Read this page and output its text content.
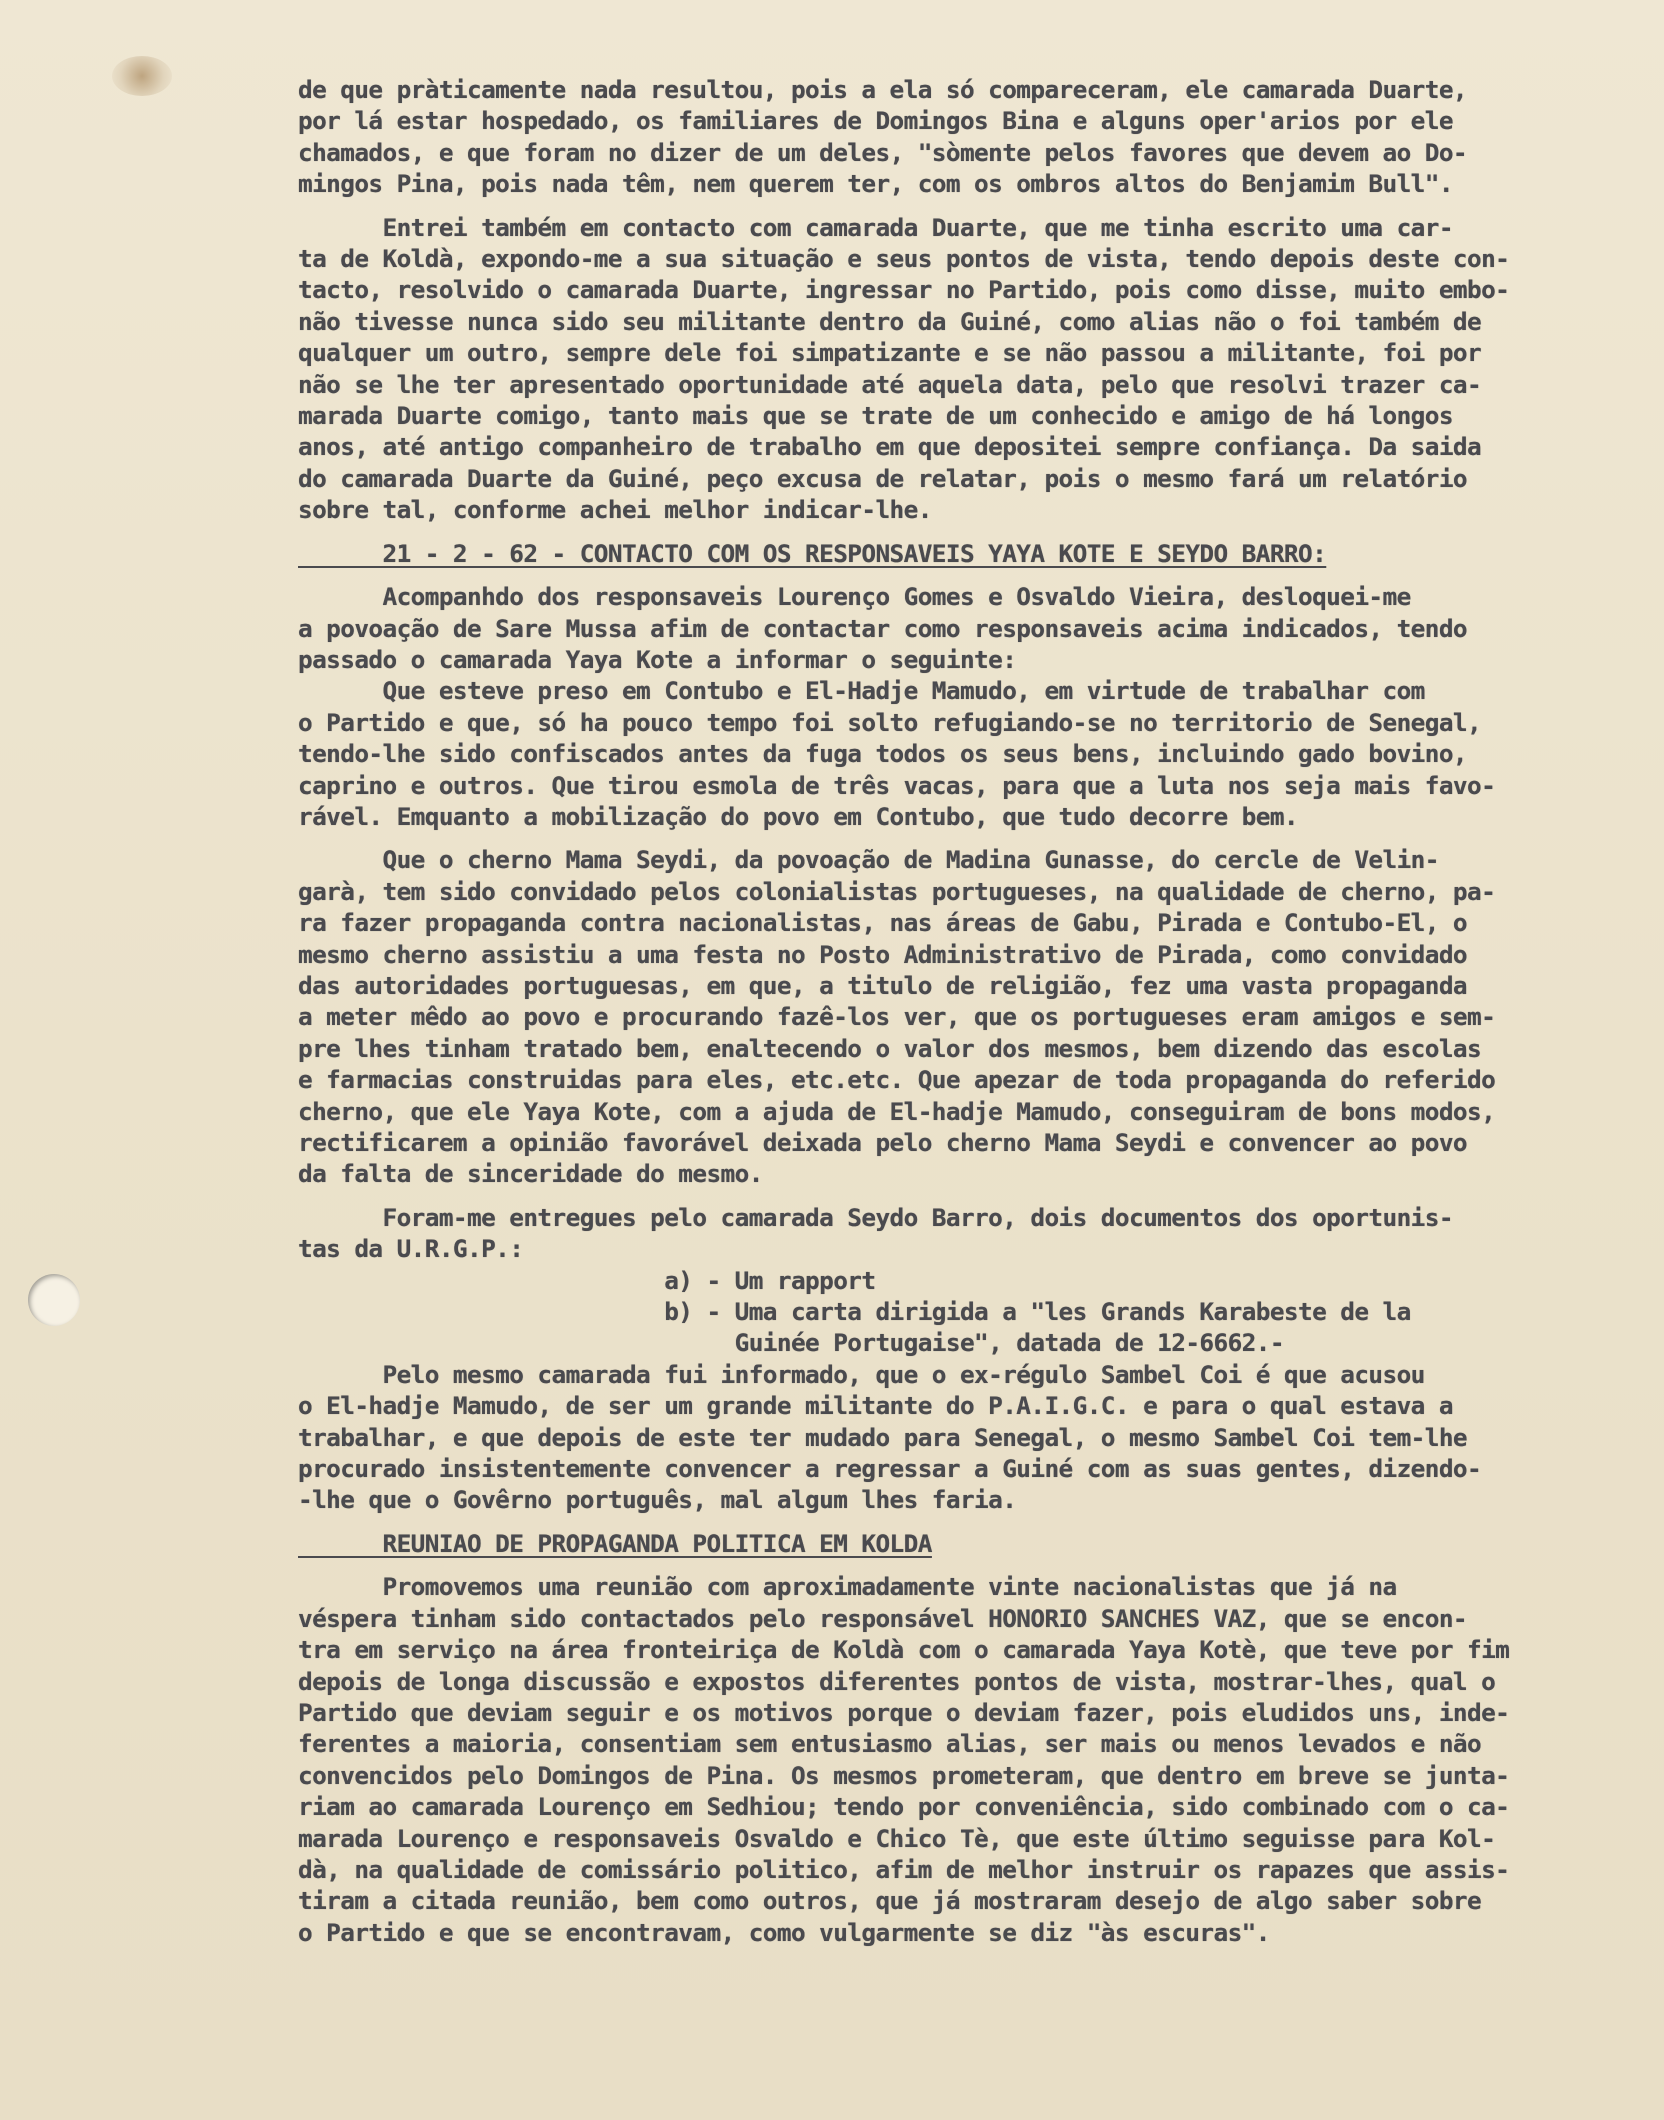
de que pràticamente nada resultou, pois a ela só compareceram, ele camarada Duarte,
por lá estar hospedado, os familiares de Domingos Bina e alguns oper'arios por ele
chamados, e que foram no dizer de um deles, "sòmente pelos favores que devem ao Do-
mingos Pina, pois nada têm, nem querem ter, com os ombros altos do Benjamim Bull".
Entrei também em contacto com camarada Duarte, que me tinha escrito uma car-
ta de Koldà, expondo-me a sua situação e seus pontos de vista, tendo depois deste con-
tacto, resolvido o camarada Duarte, ingressar no Partido, pois como disse, muito embo-
não tivesse nunca sido seu militante dentro da Guiné, como alias não o foi também de
qualquer um outro, sempre dele foi simpatizante e se não passou a militante, foi por
não se lhe ter apresentado oportunidade até aquela data, pelo que resolvi trazer ca-
marada Duarte comigo, tanto mais que se trate de um conhecido e amigo de há longos
anos, até antigo companheiro de trabalho em que depositei sempre confiança. Da saida
do camarada Duarte da Guiné, peço excusa de relatar, pois o mesmo fará um relatório
sobre tal, conforme achei melhor indicar-lhe.
21 - 2 - 62 - CONTACTO COM OS RESPONSAVEIS YAYA KOTE E SEYDO BARRO:
Acompanhdo dos responsaveis Lourenço Gomes e Osvaldo Vieira, desloquei-me
a povoação de Sare Mussa afim de contactar como responsaveis acima indicados, tendo
passado o camarada Yaya Kote a informar o seguinte:
Que esteve preso em Contubo e El-Hadje Mamudo, em virtude de trabalhar com
o Partido e que, só ha pouco tempo foi solto refugiando-se no territorio de Senegal,
tendo-lhe sido confiscados antes da fuga todos os seus bens, incluindo gado bovino,
caprino e outros. Que tirou esmola de três vacas, para que a luta nos seja mais favo-
rável. Emquanto a mobilização do povo em Contubo, que tudo decorre bem.
Que o cherno Mama Seydi, da povoação de Madina Gunasse, do cercle de Velin-
garà, tem sido convidado pelos colonialistas portugueses, na qualidade de cherno, pa-
ra fazer propaganda contra nacionalistas, nas áreas de Gabu, Pirada e Contubo-El, o
mesmo cherno assistiu a uma festa no Posto Administrativo de Pirada, como convidado
das autoridades portuguesas, em que, a titulo de religião, fez uma vasta propaganda
a meter mêdo ao povo e procurando fazê-los ver, que os portugueses eram amigos e sem-
pre lhes tinham tratado bem, enaltecendo o valor dos mesmos, bem dizendo das escolas
e farmacias construidas para eles, etc.etc. Que apezar de toda propaganda do referido
cherno, que ele Yaya Kote, com a ajuda de El-hadje Mamudo, conseguiram de bons modos,
rectificarem a opinião favorável deixada pelo cherno Mama Seydi e convencer ao povo
da falta de sinceridade do mesmo.
Foram-me entregues pelo camarada Seydo Barro, dois documentos dos oportunis-
tas da U.R.G.P.:
a) - Um rapport
b) - Uma carta dirigida a "les Grands Karabeste de la
Guinée Portugaise", datada de 12-6662.-
Pelo mesmo camarada fui informado, que o ex-régulo Sambel Coi é que acusou
o El-hadje Mamudo, de ser um grande militante do P.A.I.G.C. e para o qual estava a
trabalhar, e que depois de este ter mudado para Senegal, o mesmo Sambel Coi tem-lhe
procurado insistentemente convencer a regressar a Guiné com as suas gentes, dizendo-
-lhe que o Govêrno português, mal algum lhes faria.
REUNIAO DE PROPAGANDA POLITICA EM KOLDA
Promovemos uma reunião com aproximadamente vinte nacionalistas que já na
véspera tinham sido contactados pelo responsável HONORIO SANCHES VAZ, que se encon-
tra em serviço na área fronteiriça de Koldà com o camarada Yaya Kotè, que teve por fim
depois de longa discussão e expostos diferentes pontos de vista, mostrar-lhes, qual o
Partido que deviam seguir e os motivos porque o deviam fazer, pois eludidos uns, inde-
ferentes a maioria, consentiam sem entusiasmo alias, ser mais ou menos levados e não
convencidos pelo Domingos de Pina. Os mesmos prometeram, que dentro em breve se junta-
riam ao camarada Lourenço em Sedhiou; tendo por conveniência, sido combinado com o ca-
marada Lourenço e responsaveis Osvaldo e Chico Tè, que este último seguisse para Kol-
dà, na qualidade de comissário politico, afim de melhor instruir os rapazes que assis-
tiram a citada reunião, bem como outros, que já mostraram desejo de algo saber sobre
o Partido e que se encontravam, como vulgarmente se diz "às escuras".
